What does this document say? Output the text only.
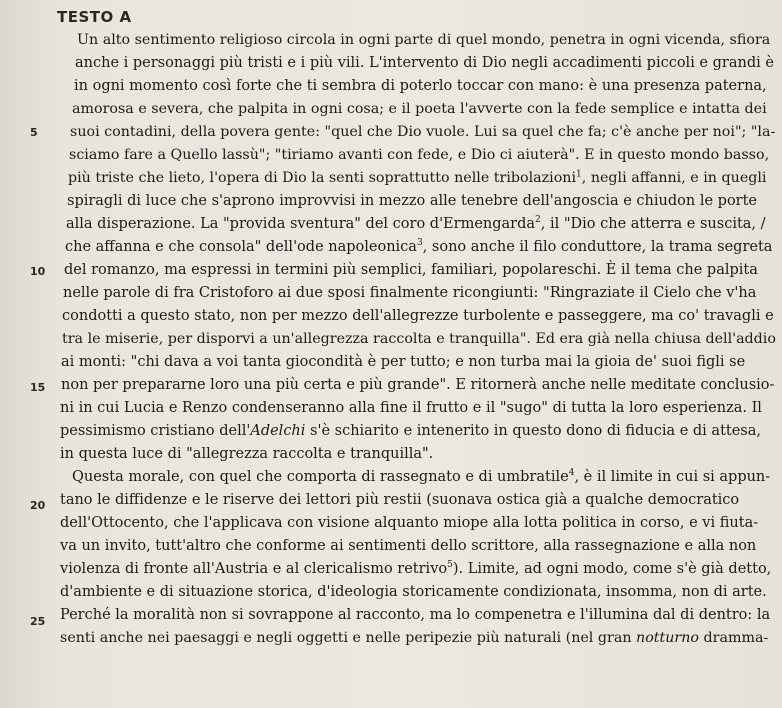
TESTO A
5
10
15
20
25
Un alto sentimento religioso circola in ogni parte di quel mondo, penetra in ogni vicenda, sfiora
anche i personaggi più tristi e i più vili. L'intervento di Dio negli accadimenti piccoli e grandi è
in ogni momento così forte che ti sembra di poterlo toccar con mano: è una presenza paterna,
amorosa e severa, che palpita in ogni cosa; e il poeta l'avverte con la fede semplice e intatta dei
suoi contadini, della povera gente: "quel che Dio vuole. Lui sa quel che fa; c'è anche per noi"; "la-
sciamo fare a Quello lassù"; "tiriamo avanti con fede, e Dio ci aiuterà". E in questo mondo basso,
più triste che lieto, l'opera di Dio la senti soprattutto nelle tribolazioni$^1$, negli affanni, e in quegli
spiragli di luce che s'aprono improvvisi in mezzo alle tenebre dell'angoscia e chiudon le porte
alla disperazione. La "provida sventura" del coro d'Ermengarda$^2$, il "Dio che atterra e suscita, /
che affanna e che consola" dell'ode napoleonica$^3$, sono anche il filo conduttore, la trama segreta
del romanzo, ma espressi in termini più semplici, familiari, popolareschi. È il tema che palpita
nelle parole di fra Cristoforo ai due sposi finalmente ricongiunti: "Ringraziate il Cielo che v'ha
condotti a questo stato, non per mezzo dell'allegrezze turbolente e passeggere, ma co' travagli e
tra le miserie, per disporvi a un'allegrezza raccolta e tranquilla". Ed era già nella chiusa dell'addio
ai monti: "chi dava a voi tanta giocondità è per tutto; e non turba mai la gioia de' suoi figli se
non per prepararne loro una più certa e più grande". E ritornerà anche nelle meditate conclusio-
ni in cui Lucia e Renzo condenseranno alla fine il frutto e il "sugo" di tutta la loro esperienza. Il
pessimismo cristiano dell'Adelchi s'è schiarito e intenerito in questo dono di fiducia e di attesa,
in questa luce di "allegrezza raccolta e tranquilla".
Questa morale, con quel che comporta di rassegnato e di umbratile$^4$, è il limite in cui si appun-
tano le diffidenze e le riserve dei lettori più restii (suonava ostica già a qualche democratico
dell'Ottocento, che l'applicava con visione alquanto miope alla lotta politica in corso, e vi fiuta-
va un invito, tutt'altro che conforme ai sentimenti dello scrittore, alla rassegnazione e alla non
violenza di fronte all'Austria e al clericalismo retrivo$^5$). Limite, ad ogni modo, come s'è già detto,
d'ambiente e di situazione storica, d'ideologia storicamente condizionata, insomma, non di arte.
Perché la moralità non si sovrappone al racconto, ma lo compenetra e l'illumina dal di dentro: la
senti anche nei paesaggi e negli oggetti e nelle peripezie più naturali (nel gran notturno dramma-
